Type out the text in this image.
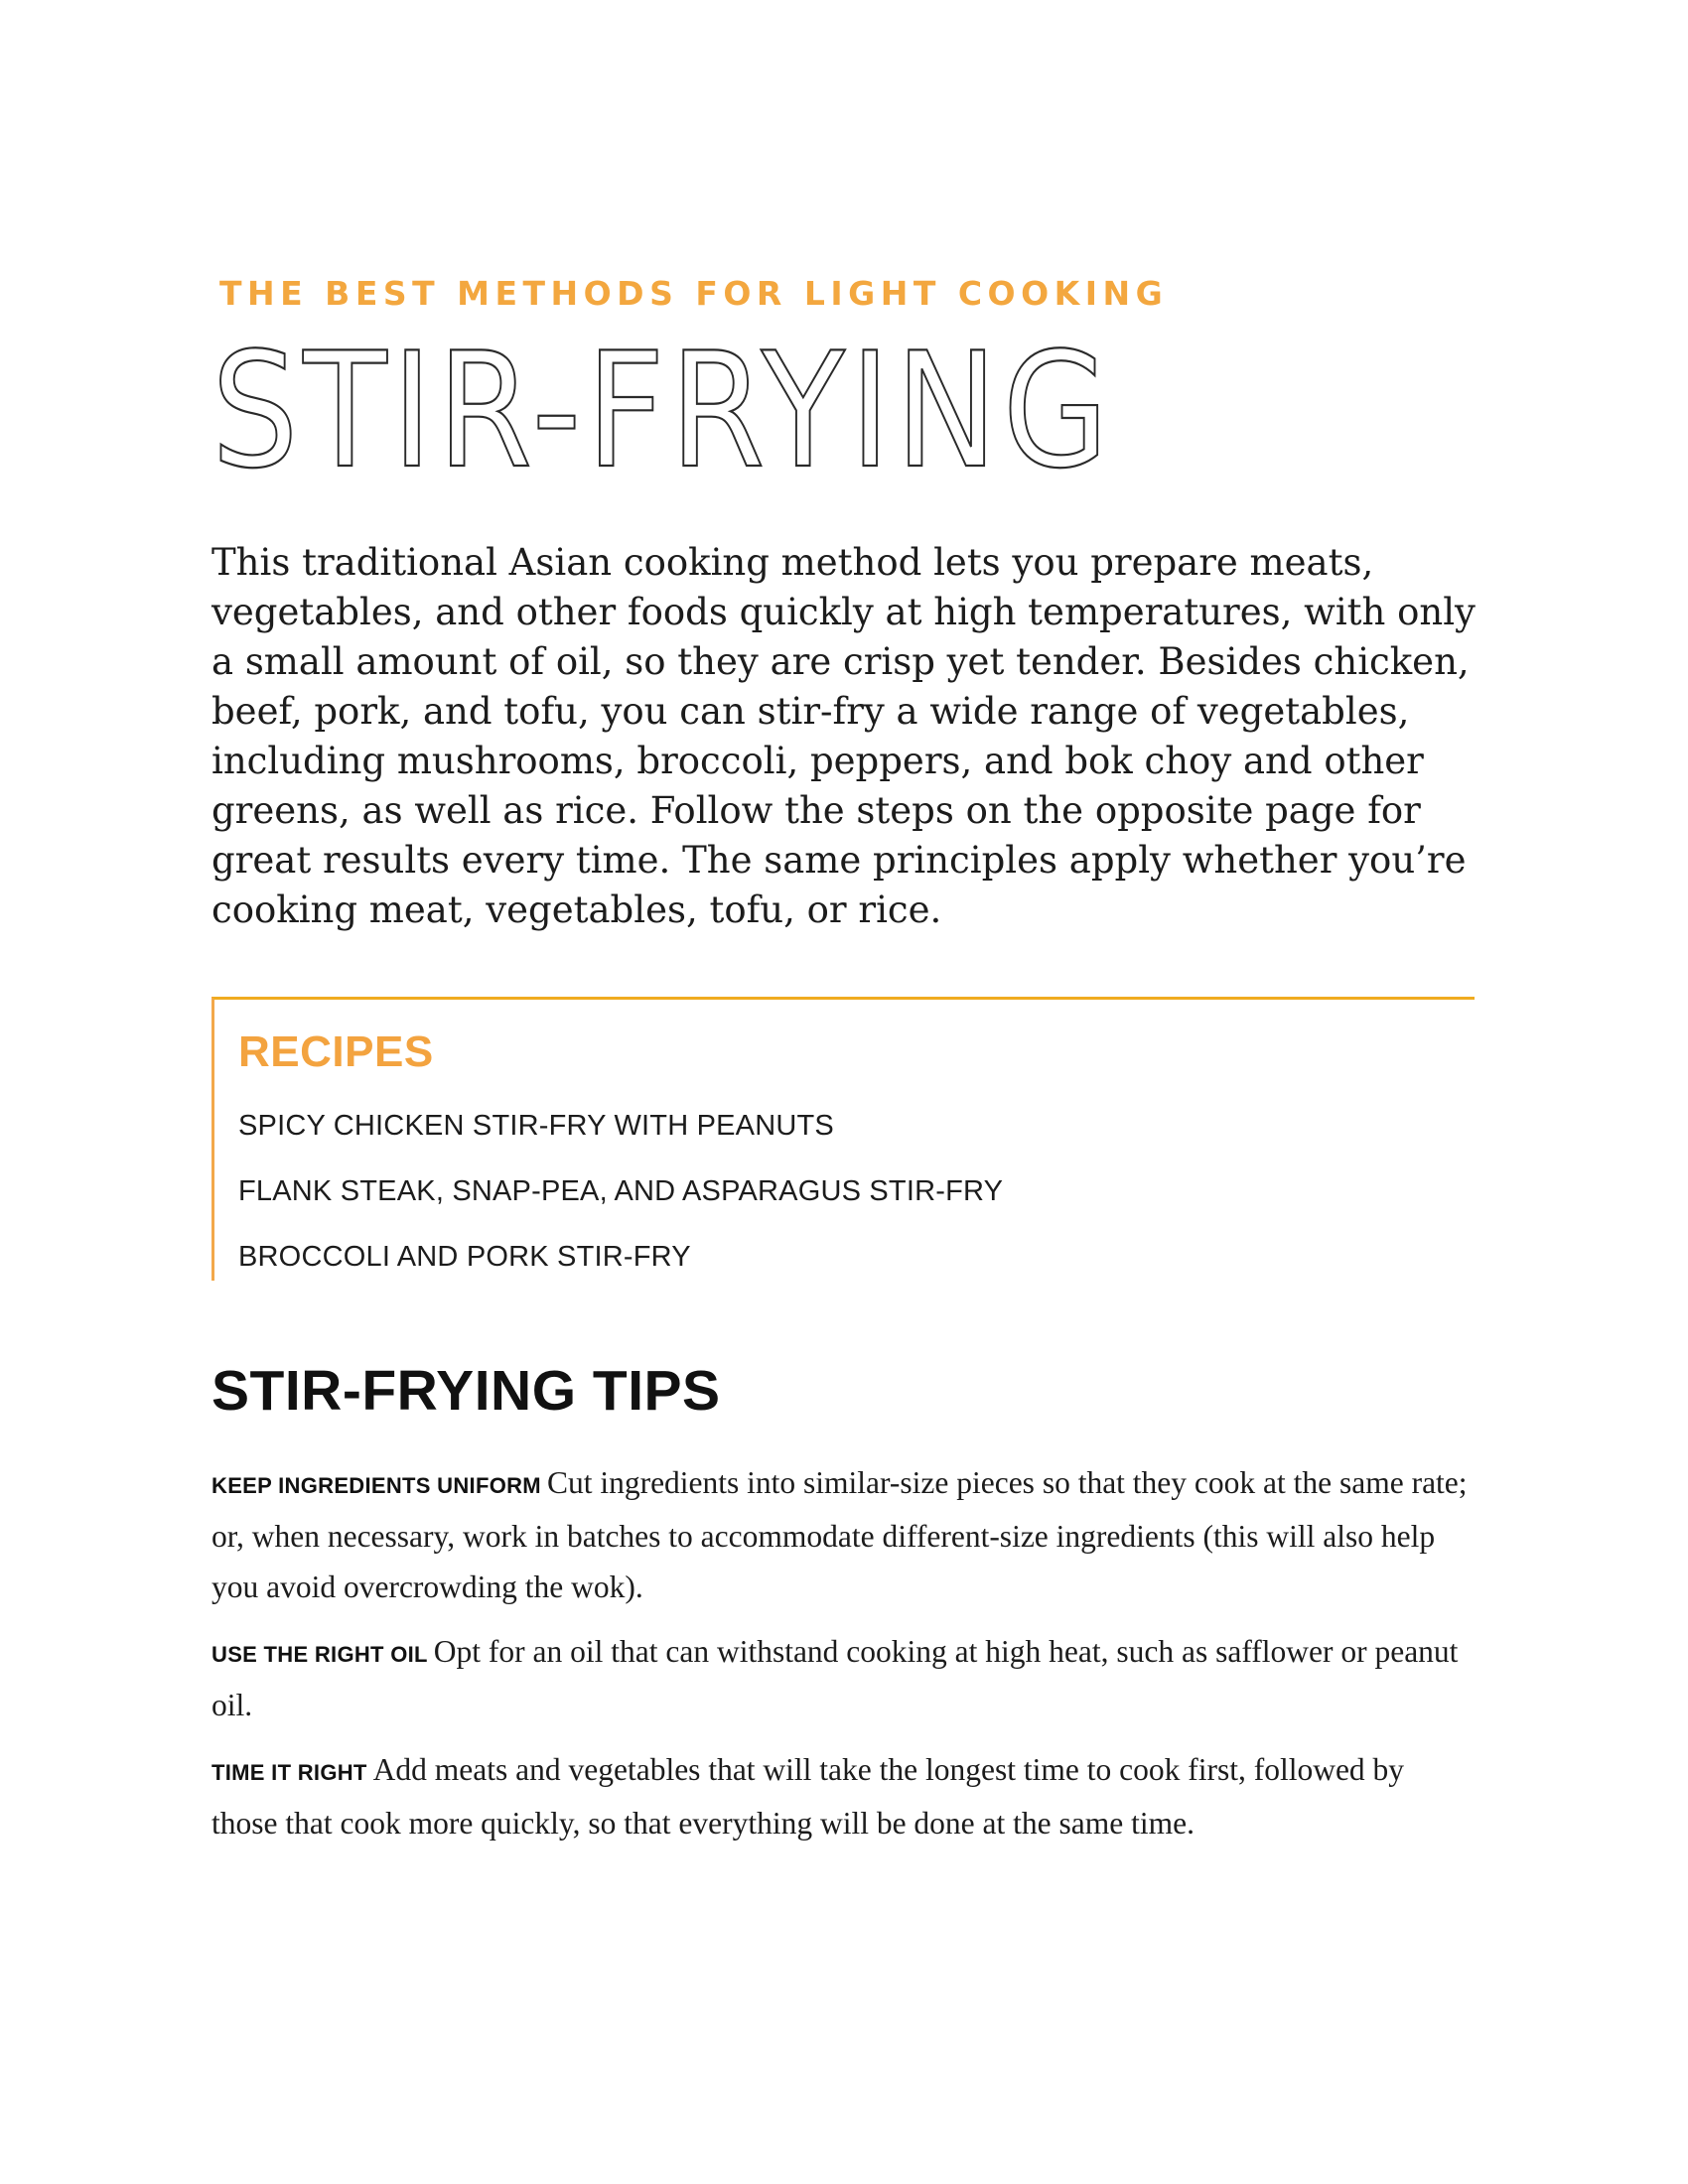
THE BEST METHODS FOR LIGHT COOKING

STIR-FRYING

This traditional Asian cooking method lets you prepare meats, vegetables, and other foods quickly at high temperatures, with only a small amount of oil, so they are crisp yet tender. Besides chicken, beef, pork, and tofu, you can stir-fry a wide range of vegetables, including mushrooms, broccoli, peppers, and bok choy and other greens, as well as rice. Follow the steps on the opposite page for great results every time. The same principles apply whether you’re cooking meat, vegetables, tofu, or rice.

RECIPES
SPICY CHICKEN STIR-FRY WITH PEANUTS
FLANK STEAK, SNAP-PEA, AND ASPARAGUS STIR-FRY
BROCCOLI AND PORK STIR-FRY
STIR-FRYING TIPS

KEEP INGREDIENTS UNIFORM Cut ingredients into similar-size pieces so that they cook at the same rate; or, when necessary, work in batches to accommodate different-size ingredients (this will also help you avoid overcrowding the wok).

USE THE RIGHT OIL Opt for an oil that can withstand cooking at high heat, such as safflower or peanut oil.

TIME IT RIGHT Add meats and vegetables that will take the longest time to cook first, followed by those that cook more quickly, so that everything will be done at the same time.
